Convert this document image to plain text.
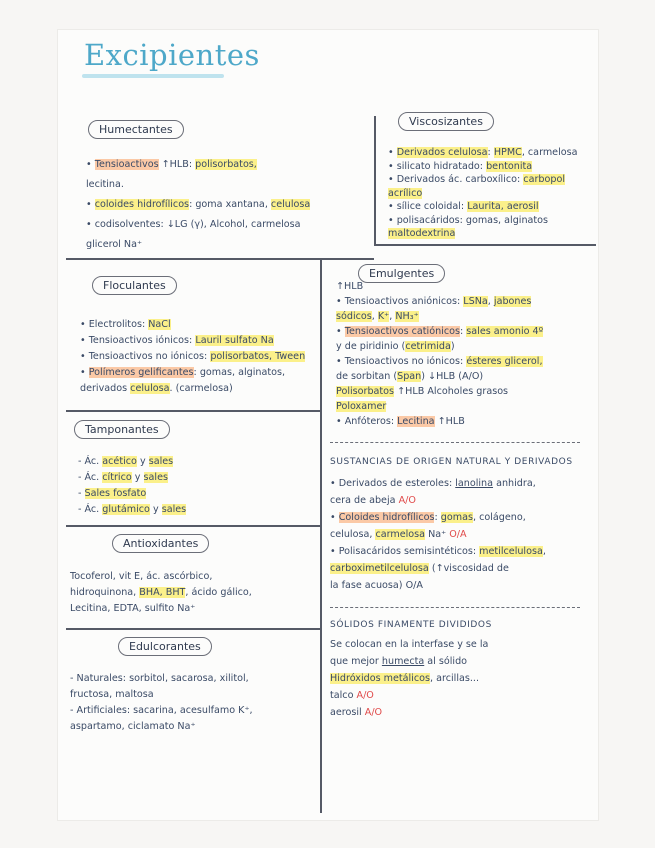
Excipientes
Humectantes
Viscosizantes
Floculantes
Emulgentes
Tamponantes
Antioxidantes
Edulcorantes
• Tensioactivos ↑HLB: polisorbatos,
lecitina.
• coloides hidrofílicos: goma xantana, celulosa
• codisolventes: ↓LG (γ), Alcohol, carmelosa
glicerol Na⁺
• Derivados celulosa: HPMC, carmelosa
• silicato hidratado: bentonita
• Derivados ác. carboxílico: carbopol
acrílico
• sílice coloidal: Laurita, aerosil
• polisacáridos: gomas, alginatos
maltodextrina
• Electrolitos: NaCl
• Tensioactivos iónicos: Lauril sulfato Na
• Tensioactivos no iónicos: polisorbatos, Tween
• Polímeros gelificantes: gomas, alginatos,
derivados celulosa. (carmelosa)
↑HLB
• Tensioactivos aniónicos: LSNa, jabones
sódicos, K⁺, NH₃⁺
• Tensioactivos catiónicos: sales amonio 4º
y de piridinio (cetrimida)
• Tensioactivos no iónicos: ésteres glicerol,
de sorbitan (Span) ↓HLB (A/O)
Polisorbatos ↑HLB Alcoholes grasos
Poloxamer
• Anfóteros: Lecitina ↑HLB
SUSTANCIAS DE ORIGEN NATURAL Y DERIVADOS
• Derivados de esteroles: lanolina anhidra,
cera de abeja A/O
• Coloides hidrofílicos: gomas, colágeno,
celulosa, carmelosa Na⁺ O/A
• Polisacáridos semisintéticos: metilcelulosa,
carboximetilcelulosa (↑viscosidad de
la fase acuosa) O/A
SÓLIDOS FINAMENTE DIVIDIDOS
Se colocan en la interfase y se la
que mejor humecta al sólido
Hidróxidos metálicos, arcillas...
talco A/O
aerosil A/O
- Ác. acético y sales
- Ác. cítrico y sales
- Sales fosfato
- Ác. glutámico y sales
Tocoferol, vit E, ác. ascórbico,
hidroquinona, BHA, BHT, ácido gálico,
Lecitina, EDTA, sulfito Na⁺
- Naturales: sorbitol, sacarosa, xilitol,
fructosa, maltosa
- Artificiales: sacarina, acesulfamo K⁺,
aspartamo, ciclamato Na⁺
